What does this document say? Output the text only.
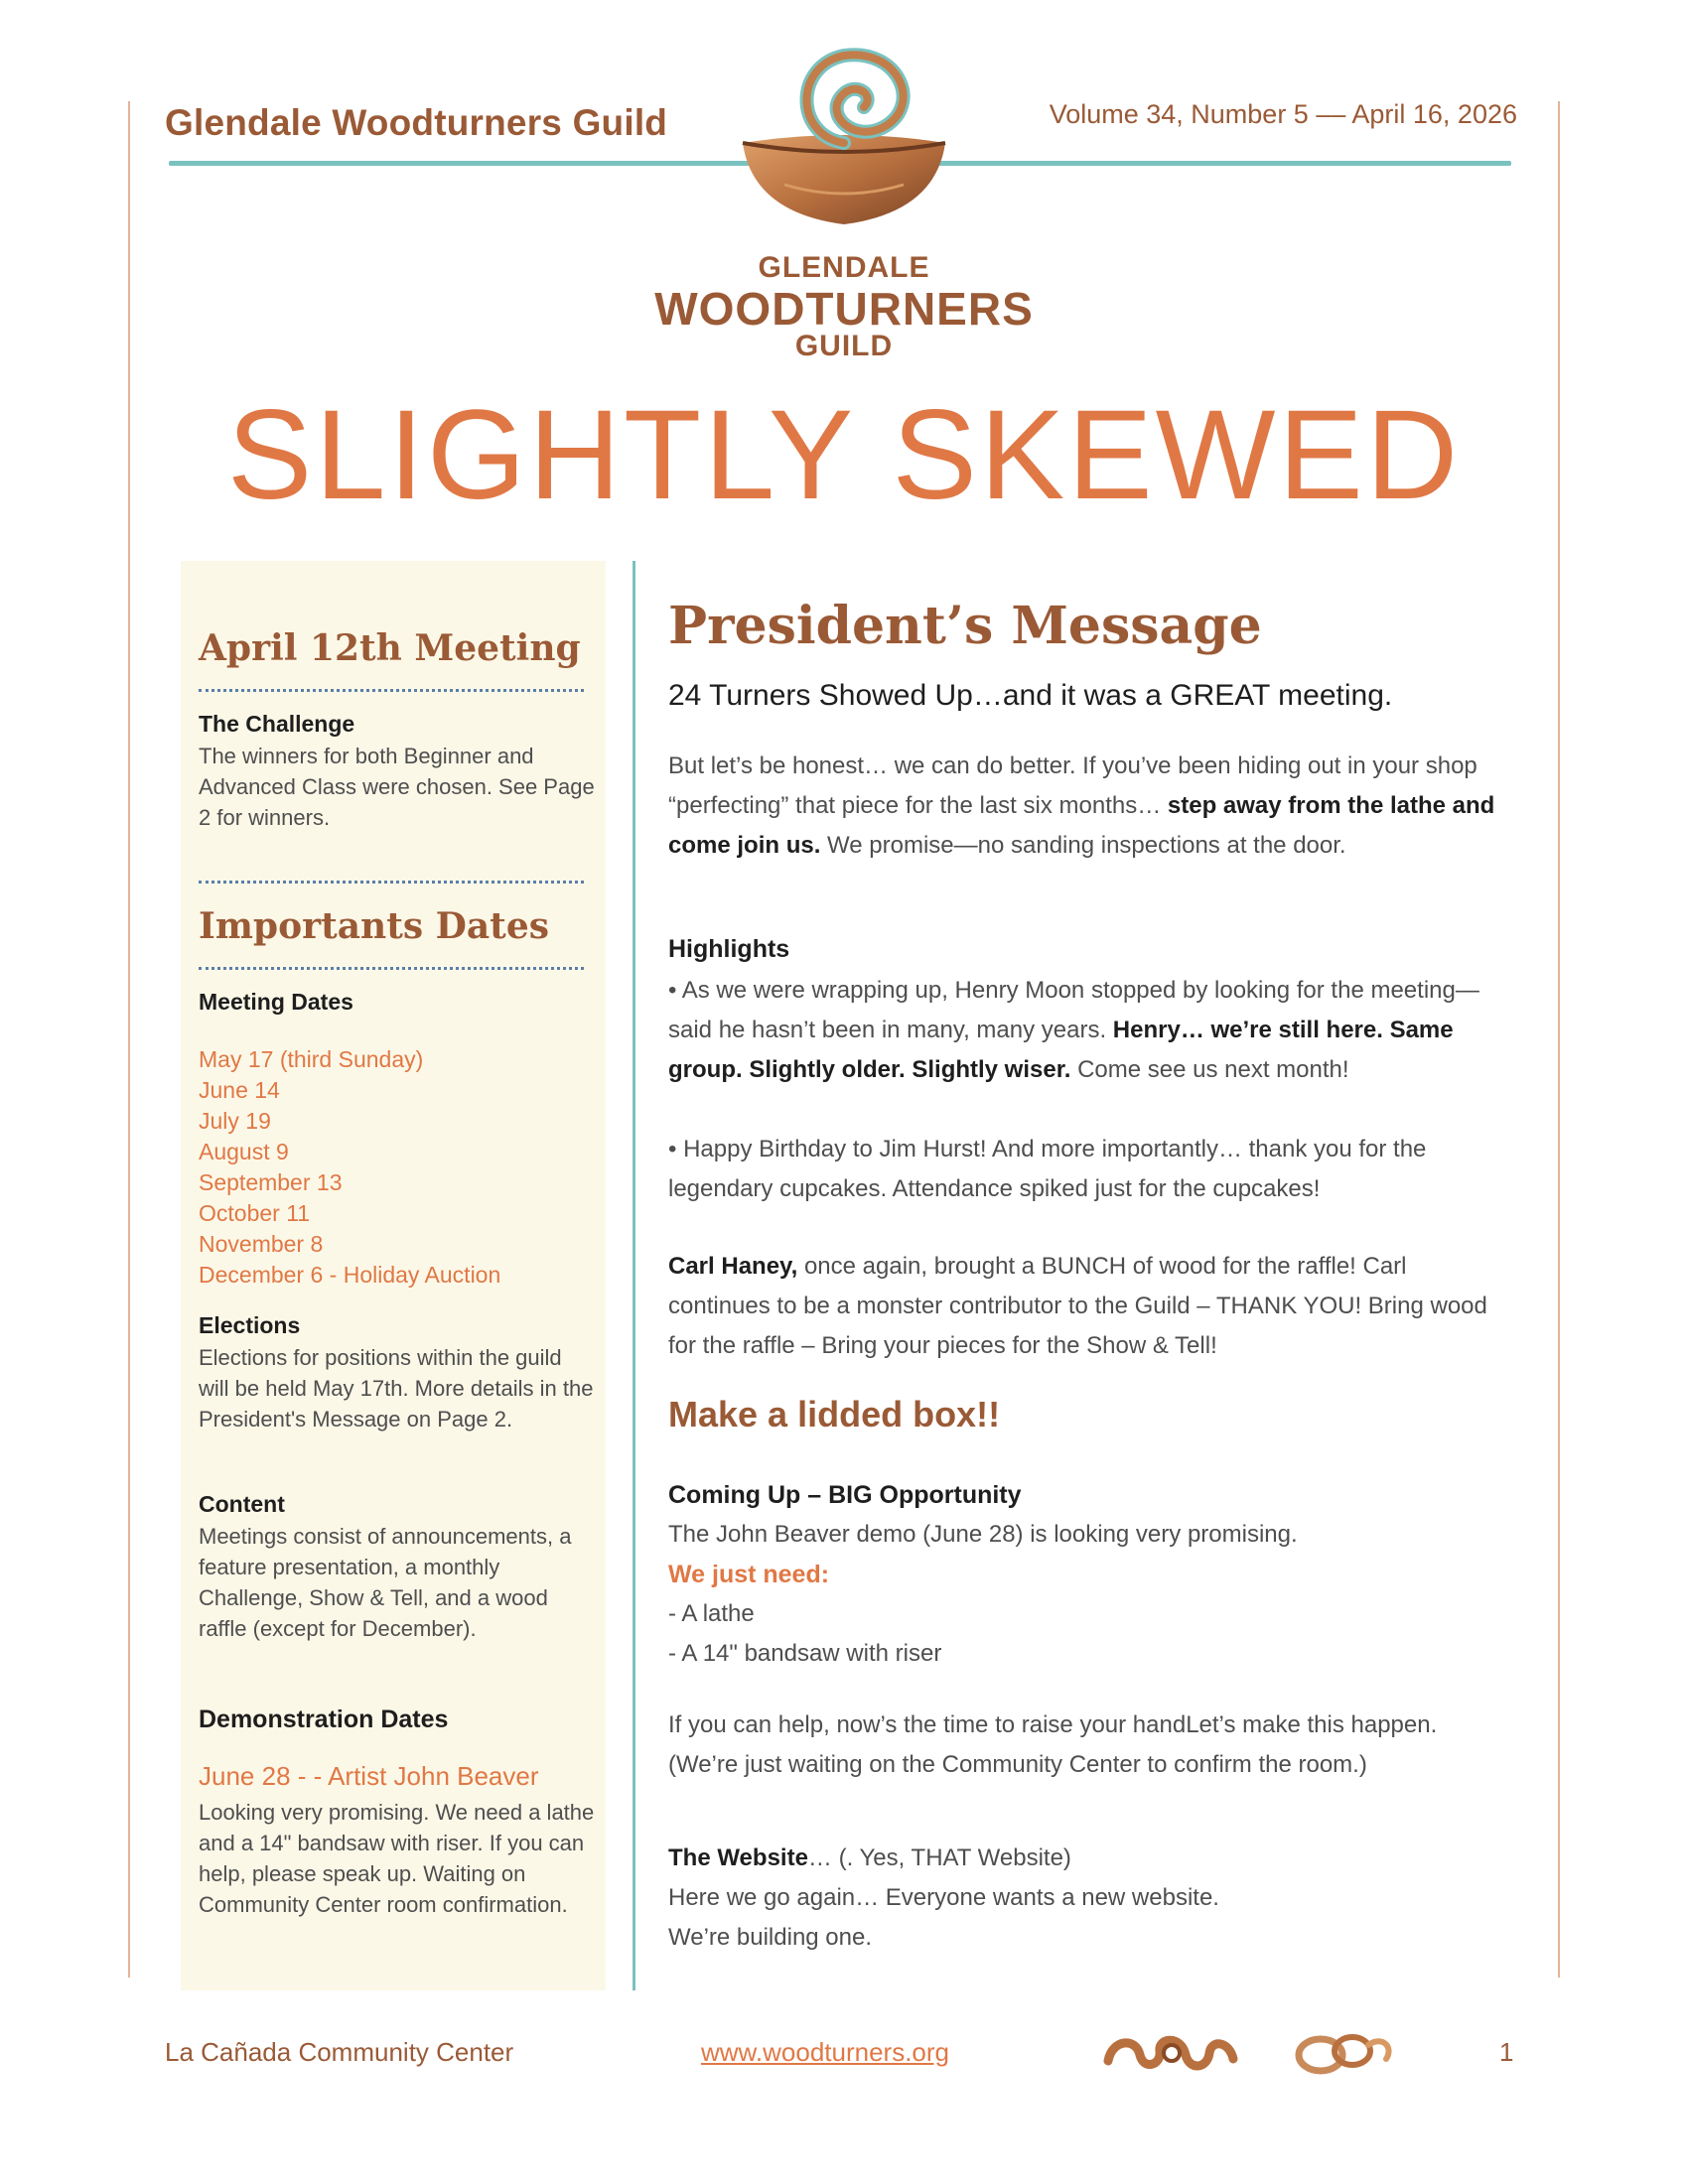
Glendale Woodturners Guild	Volume 34, Number 5 –– April 16, 2026
GLENDALE
WOODTURNERS
GUILD
SLIGHTLY SKEWED
April 12th Meeting
The Challenge
The winners for both Beginner and Advanced Class were chosen. See Page 2 for winners.
Importants Dates
Meeting Dates
May 17 (third Sunday)
June 14
July 19
August 9
September 13
October 11
November 8
December 6 - Holiday Auction
Elections
Elections for positions within the guild will be held May 17th. More details in the President's Message on Page 2.
Content
Meetings consist of announcements, a feature presentation, a monthly Challenge, Show & Tell, and a wood raffle (except for December).
Demonstration Dates
June 28 - - Artist John Beaver
Looking very promising. We need a lathe and a 14" bandsaw with riser. If you can help, please speak up. Waiting on Community Center room confirmation.
President’s Message
24 Turners Showed Up…and it was a GREAT meeting.
But let’s be honest… we can do better. If you’ve been hiding out in your shop “perfecting” that piece for the last six months… step away from the lathe and come join us. We promise—no sanding inspections at the door.
Highlights
• As we were wrapping up, Henry Moon stopped by looking for the meeting—said he hasn’t been in many, many years. Henry… we’re still here. Same group. Slightly older. Slightly wiser. Come see us next month!
• Happy Birthday to Jim Hurst! And more importantly… thank you for the legendary cupcakes. Attendance spiked just for the cupcakes!
Carl Haney, once again, brought a BUNCH of wood for the raffle! Carl continues to be a monster contributor to the Guild – THANK YOU! Bring wood for the raffle – Bring your pieces for the Show & Tell!
Make a lidded box!!
Coming Up – BIG Opportunity
The John Beaver demo (June 28) is looking very promising.
We just need:
- A lathe
- A 14" bandsaw with riser
If you can help, now’s the time to raise your handLet’s make this happen. (We’re just waiting on the Community Center to confirm the room.)
The Website… (. Yes, THAT Website)
Here we go again… Everyone wants a new website.
We’re building one.
La Cañada Community Center	www.woodturners.org	1
